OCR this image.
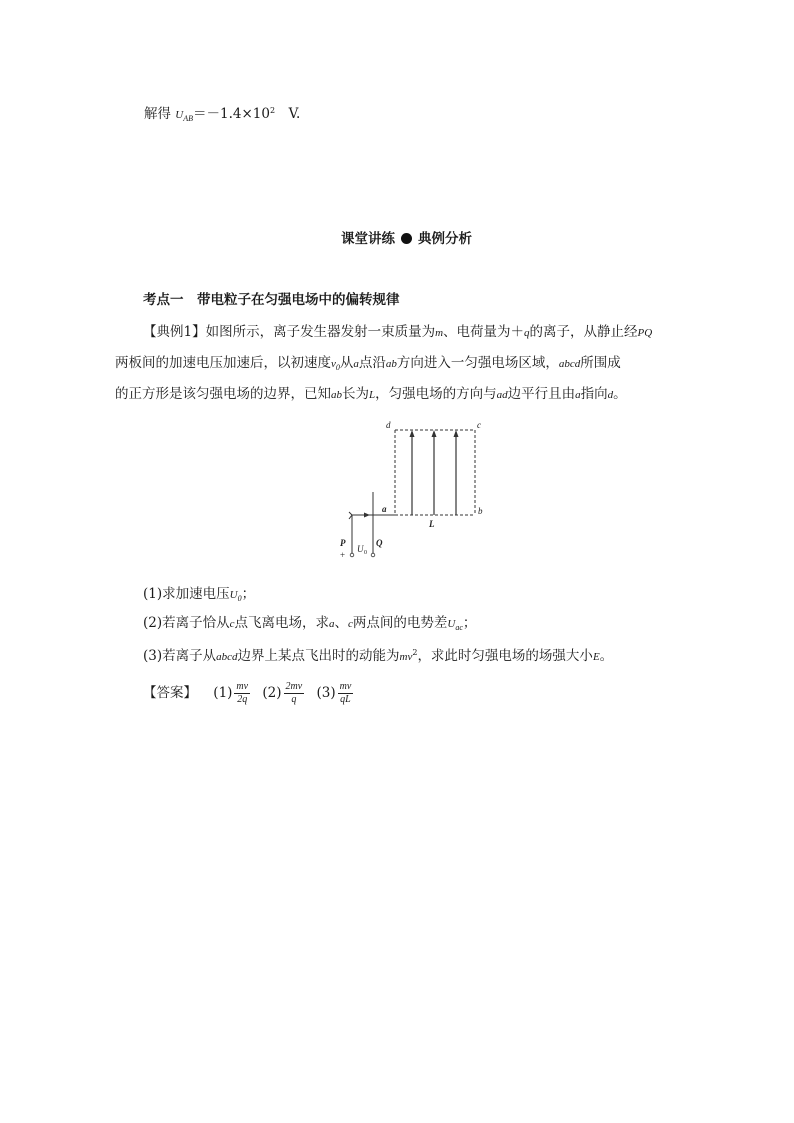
解得 $U_{AB}=-1.4\times 10^2$　V.
课堂讲练 典例分析
考点一　带电粒子在匀强电场中的偏转规律
【典例1】如图所示，离子发生器发射一束质量为m、电荷量为＋q的离子，从静止经PQ
两板间的加速电压加速后，以初速度$v_0$从a点沿ab方向进入一匀强电场区域，abcd所围成
的正方形是该匀强电场的边界，已知ab长为L，匀强电场的方向与ad边平行且由a指向d。
d	c
b
a
L
P	Q
U 0
+
(1)求加速电压$U_0$；
(2)若离子恰从c点飞离电场，求a、c两点间的电势差$U_{ac}$；
(3)若离子从abcd边界上某点飞出时的动能为$mv^2$，求此时匀强电场的场强大小E。
【答案】 $(1) \frac{mv}{2q} (2) \frac{2mv}{q} (3) \frac{mv}{qL}$
